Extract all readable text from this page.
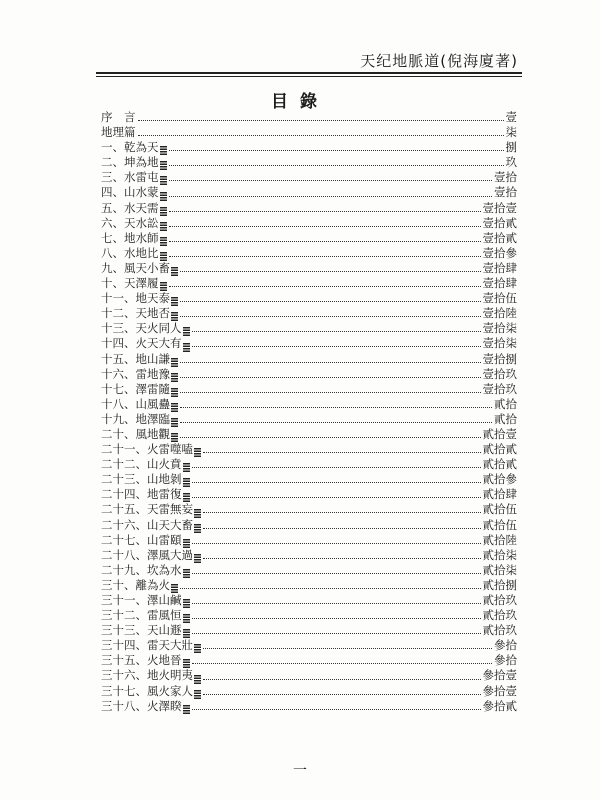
天纪地脈道(倪海廈著)
目錄
序　言	壹
地理篇	柒
一、乾為天	捌
二、坤為地	玖
三、水雷屯	壹拾
四、山水蒙	壹拾
五、水天需	壹拾壹
六、天水訟	壹拾貳
七、地水師	壹拾貳
八、水地比	壹拾參
九、風天小畜	壹拾肆
十、天澤履	壹拾肆
十一、地天泰	壹拾伍
十二、天地否	壹拾陸
十三、天火同人	壹拾柒
十四、火天大有	壹拾柒
十五、地山謙	壹拾捌
十六、雷地豫	壹拾玖
十七、澤雷隨	壹拾玖
十八、山風蠱	貳拾
十九、地澤臨	貳拾
二十、風地觀	貳拾壹
二十一、火雷噬嗑	貳拾貳
二十二、山火賁	貳拾貳
二十三、山地剝	貳拾參
二十四、地雷復	貳拾肆
二十五、天雷無妄	貳拾伍
二十六、山天大畜	貳拾伍
二十七、山雷頤	貳拾陸
二十八、澤風大過	貳拾柒
二十九、坎為水	貳拾柒
三十、離為火	貳拾捌
三十一、澤山鹹	貳拾玖
三十二、雷風恒	貳拾玖
三十三、天山遯	貳拾玖
三十四、雷天大壯	參拾
三十五、火地晉	參拾
三十六、地火明夷	參拾壹
三十七、風火家人	參拾壹
三十八、火澤睽	參拾貳
一
